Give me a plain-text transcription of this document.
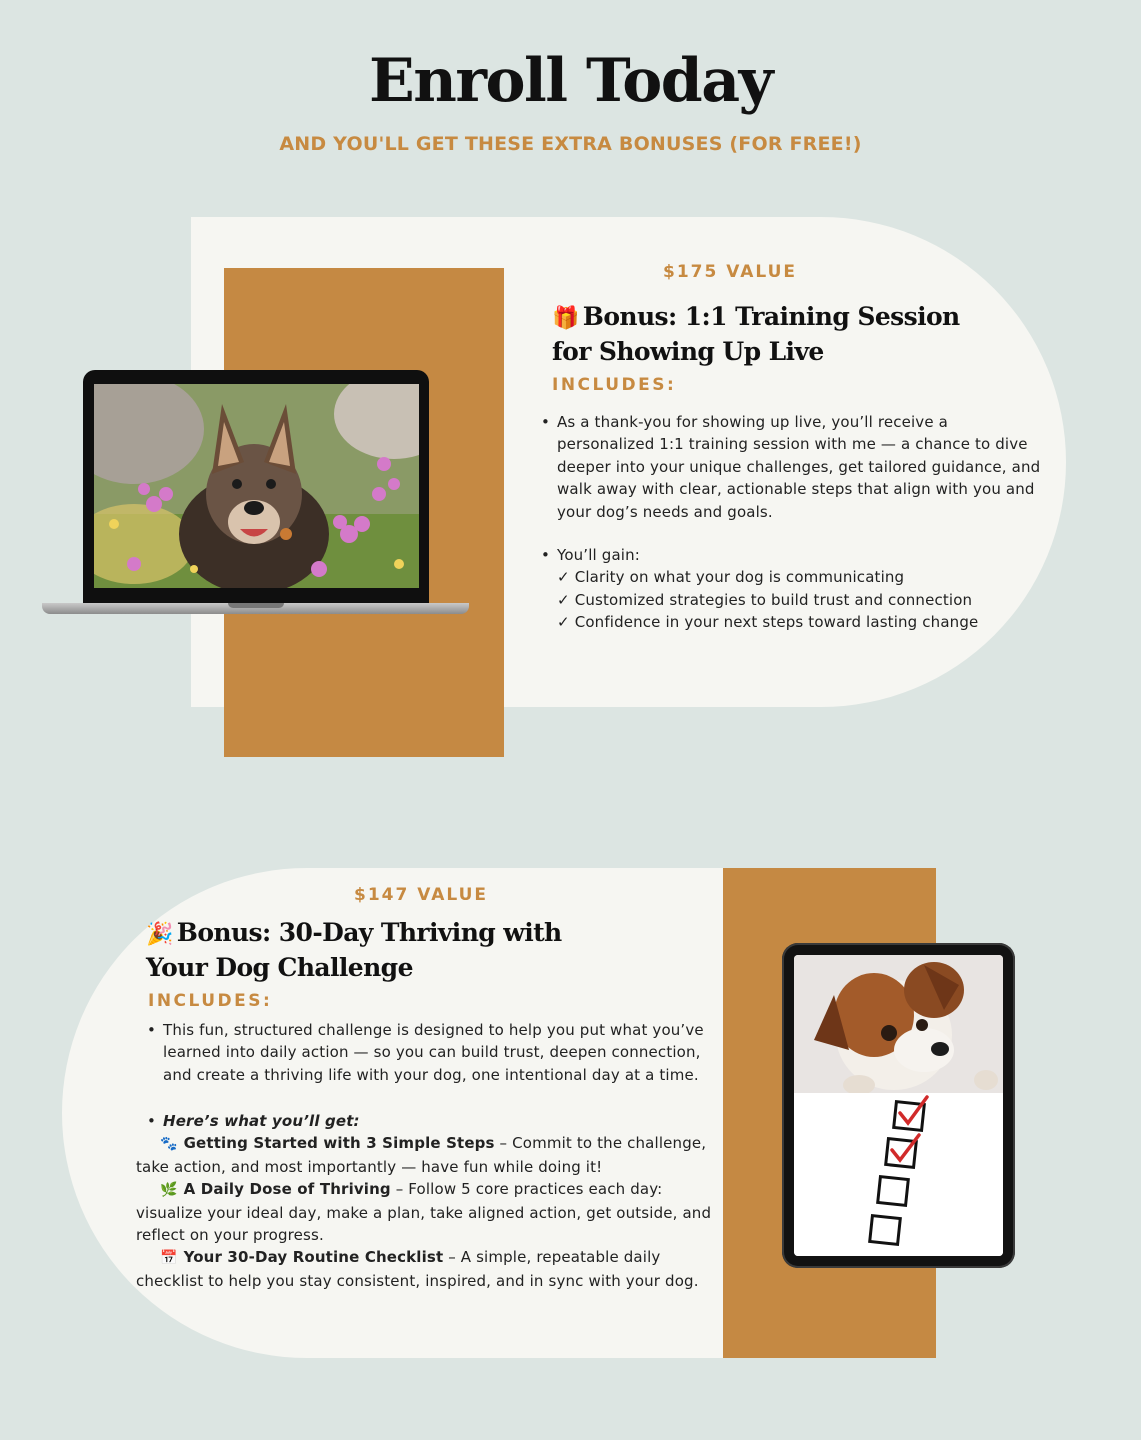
Enroll Today
AND YOU'LL GET THESE EXTRA BONUSES (FOR FREE!)
$175 VALUE
🎁 Bonus: 1:1 Training Session
for Showing Up Live
INCLUDES:
• As a thank-you for showing up live, you’ll receive a
personalized 1:1 training session with me — a chance to dive
deeper into your unique challenges, get tailored guidance, and
walk away with clear, actionable steps that align with you and
your dog’s needs and goals.
• You’ll gain:
✓ Clarity on what your dog is communicating
✓ Customized strategies to build trust and connection
✓ Confidence in your next steps toward lasting change
$147 VALUE
🎉 Bonus: 30-Day Thriving with
Your Dog Challenge
INCLUDES:
• This fun, structured challenge is designed to help you put what you’ve
learned into daily action — so you can build trust, deepen connection,
and create a thriving life with your dog, one intentional day at a time.
• Here’s what you’ll get:
🐾 Getting Started with 3 Simple Steps – Commit to the challenge,
take action, and most importantly — have fun while doing it!
🌿 A Daily Dose of Thriving – Follow 5 core practices each day:
visualize your ideal day, make a plan, take aligned action, get outside, and
reflect on your progress.
📅 Your 30-Day Routine Checklist – A simple, repeatable daily
checklist to help you stay consistent, inspired, and in sync with your dog.
